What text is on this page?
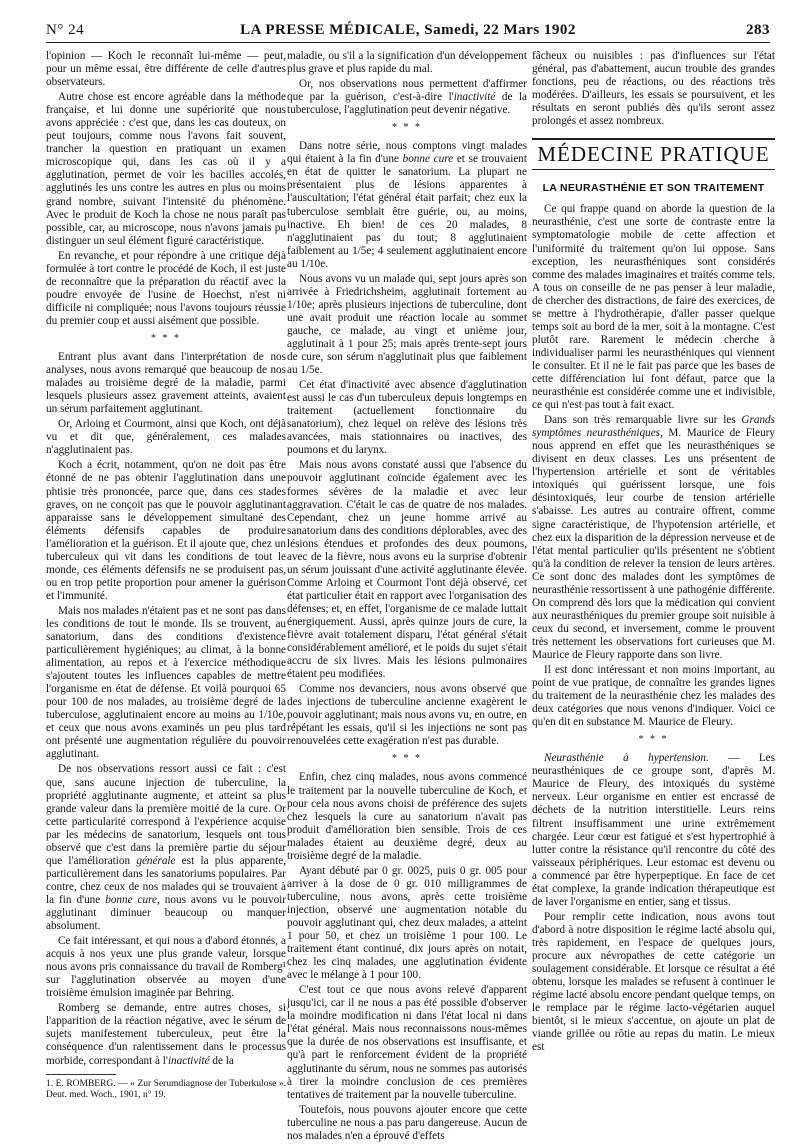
N° 24	LA PRESSE MÉDICALE, Samedi, 22 Mars 1902	283

l'opinion — Koch le reconnaît lui-même — peut, pour un même essai, être différente de celle d'autres observateurs.

Autre chose est encore agréable dans la méthode française, et lui donne une supériorité que nous avons appréciée : c'est que, dans les cas douteux, on peut toujours, comme nous l'avons fait souvent, trancher la question en pratiquant un examen microscopique qui, dans les cas où il y a agglutination, permet de voir les bacilles accolés, agglutinés les uns contre les autres en plus ou moins grand nombre, suivant l'intensité du phénomène. Avec le produit de Koch la chose ne nous paraît pas possible, car, au microscope, nous n'avons jamais pu distinguer un seul élément figuré caractéristique.

En revanche, et pour répondre à une critique déjà formulée à tort contre le procédé de Koch, il est juste de reconnaître que la préparation du réactif avec la poudre envoyée de l'usine de Hoechst, n'est ni difficile ni compliquée; nous l'avons toujours réussie du premier coup et aussi aisément que possible.

* * *

Entrant plus avant dans l'interprétation de nos analyses, nous avons remarqué que beaucoup de nos malades au troisième degré de la maladie, parmi lesquels plusieurs assez gravement atteints, avaient un sérum parfaitement agglutinant.

Or, Arloing et Courmont, ainsi que Koch, ont déjà vu et dit que, généralement, ces malades n'agglutinaient pas.

Koch a écrit, notamment, qu'on ne doit pas être étonné de ne pas obtenir l'agglutination dans une phtisie très prononcée, parce que, dans ces stades graves, on ne conçoit pas que le pouvoir agglutinant apparaisse sans le développement simultané des éléments défensifs capables de produire l'amélioration et la guérison. Et il ajoute que, chez un tuberculeux qui vit dans les conditions de tout le monde, ces éléments défensifs ne se produisent pas, ou en trop petite proportion pour amener la guérison et l'immunité.

Mais nos malades n'étaient pas et ne sont pas dans les conditions de tout le monde. Ils se trouvent, au sanatorium, dans des conditions d'existence particulièrement hygiéniques; au climat, à la bonne alimentation, au repos et à l'exercice méthodique s'ajoutent toutes les influences capables de mettre l'organisme en état de défense. Et voilà pourquoi 65 pour 100 de nos malades, au troisième degré de la tuberculose, agglutinaient encore au moins au 1/10e, et ceux que nous avons examinés un peu plus tard ont présenté une augmentation régulière du pouvoir agglutinant.

De nos observations ressort aussi ce fait : c'est que, sans aucune injection de tuberculine, la propriété agglutinante augmente, et atteint sa plus grande valeur dans la première moitié de la cure. Or cette particularité correspond à l'expérience acquise par les médecins de sanatorium, lesquels ont tous observé que c'est dans la première partie du séjour que l'amélioration générale est la plus apparente, particulièrement dans les sanatoriums populaires. Par contre, chez ceux de nos malades qui se trouvaient à la fin d'une bonne cure, nous avons vu le pouvoir agglutinant diminuer beaucoup ou manquer absolument.

Ce fait intéressant, et qui nous a d'abord étonnés, a acquis à nos yeux une plus grande valeur, lorsque nous avons pris connaissance du travail de Romberg¹ sur l'agglutination observée au moyen d'une troisième émulsion imaginée par Behring.

Romberg se demande, entre autres choses, si l'apparition de la réaction négative, avec le sérum de sujets manifestement tuberculeux, peut être la conséquence d'un ralentissement dans le processus morbide, correspondant à l'inactivité de la

1. E. ROMBERG. — « Zur Serumdiagnose der Tuberkulose ». Deut. med. Woch., 1901, n° 19.

maladie, ou s'il a la signification d'un développement plus grave et plus rapide du mal.

Or, nos observations nous permettent d'affirmer que par la guérison, c'est-à-dire l'inactivité de la tuberculose, l'agglutination peut devenir négative.

* * *

Dans notre série, nous comptons vingt malades qui étaient à la fin d'une bonne cure et se trouvaient en état de quitter le sanatorium. La plupart ne présentaient plus de lésions apparentes à l'auscultation; l'état général était parfait; chez eux la tuberculose semblait être guérie, ou, au moins, inactive. Eh bien! de ces 20 malades, 8 n'agglutinaient pas du tout; 8 agglutinaient faiblement au 1/5e; 4 seulement agglutinaient encore au 1/10e.

Nous avons vu un malade qui, sept jours après son arrivée à Friedrichsheim, agglutinait fortement au 1/10e; après plusieurs injections de tuberculine, dont une avait produit une réaction locale au sommet gauche, ce malade, au vingt et unième jour, agglutinait à 1 pour 25; mais après trente-sept jours de cure, son sérum n'agglutinait plus que faiblement au 1/5e.

Cet état d'inactivité avec absence d'agglutination est aussi le cas d'un tuberculeux depuis longtemps en traitement (actuellement fonctionnaire du sanatorium), chez lequel on relève des lésions très avancées, mais stationnaires ou inactives, des poumons et du larynx.

Mais nous avons constaté aussi que l'absence du pouvoir agglutinant coïncide également avec les formes sévères de la maladie et avec leur aggravation. C'était le cas de quatre de nos malades. Cependant, chez un jeune homme arrivé au sanatorium dans des conditions déplorables, avec des lésions étendues et profondes des deux poumons, avec de la fièvre, nous avons eu la surprise d'obtenir un sérum jouissant d'une activité agglutinante élevée. Comme Arloing et Courmont l'ont déjà observé, cet état particulier était en rapport avec l'organisation des défenses; et, en effet, l'organisme de ce malade luttait énergiquement. Aussi, après quinze jours de cure, la fièvre avait totalement disparu, l'état général s'était considérablement amélioré, et le poids du sujet s'était accru de six livres. Mais les lésions pulmonaires étaient peu modifiées.

Comme nos devanciers, nous avons observé que des injections de tuberculine ancienne exagèrent le pouvoir agglutinant; mais nous avons vu, en outre, en répétant les essais, qu'il si les injections ne sont pas renouvelées cette exagération n'est pas durable.

* * *

Enfin, chez cinq malades, nous avons commencé le traitement par la nouvelle tuberculine de Koch, et pour cela nous avons choisi de préférence des sujets chez lesquels la cure au sanatorium n'avait pas produit d'amélioration bien sensible. Trois de ces malades étaient au deuxième degré, deux au troisième degré de la maladie.

Ayant débuté par 0 gr. 0025, puis 0 gr. 005 pour arriver à la dose de 0 gr. 010 milligrammes de tuberculine, nous avons, après cette troisième injection, observé une augmentation notable du pouvoir agglutinant qui, chez deux malades, a atteint 1 pour 50, et chez un troisième 1 pour 100. Le traitement étant continué, dix jours après on notait, chez les cinq malades, une agglutination évidente avec le mélange à 1 pour 100.

C'est tout ce que nous avons relevé d'apparent jusqu'ici, car il ne nous a pas été possible d'observer la moindre modification ni dans l'état local ni dans l'état général. Mais nous reconnaissons nous-mêmes que la durée de nos observations est insuffisante, et qu'à part le renforcement évident de la propriété agglutinante du sérum, nous ne sommes pas autorisés à tirer la moindre conclusion de ces premières tentatives de traitement par la nouvelle tuberculine.

Toutefois, nous pouvons ajouter encore que cette tuberculine ne nous a pas paru dangereuse. Aucun de nos malades n'en a éprouvé d'effets

fâcheux ou nuisibles : pas d'influences sur l'état général, pas d'abattement, aucun trouble des grandes fonctions, peu de réactions, ou des réactions très modérées. D'ailleurs, les essais se poursuivent, et les résultats en seront publiés dès qu'ils seront assez prolongés et assez nombreux.

MÉDECINE PRATIQUE
LA NEURASTHÉNIE ET SON TRAITEMENT

Ce qui frappe quand on aborde la question de la neurasthénie, c'est une sorte de contraste entre la symptomatologie mobile de cette affection et l'uniformité du traitement qu'on lui oppose. Sans exception, les neurasthéniques sont considérés comme des malades imaginaires et traités comme tels. A tous on conseille de ne pas penser à leur maladie, de chercher des distractions, de faire des exercices, de se mettre à l'hydrothérapie, d'aller passer quelque temps soit au bord de la mer, soit à la montagne. C'est plutôt rare. Rarement le médecin cherche à individualiser parmi les neurasthéniques qui viennent le consulter. Et il ne le fait pas parce que les bases de cette différenciation lui font défaut, parce que la neurasthénie est considérée comme une et indivisible, ce qui n'est pas tout à fait exact.

Dans son très remarquable livre sur les Grands symptômes neurasthéniques, M. Maurice de Fleury nous apprend en effet que les neurasthéniques se divisent en deux classes. Les uns présentent de l'hypertension artérielle et sont de véritables intoxiqués qui guérissent lorsque, une fois désintoxiqués, leur courbe de tension artérielle s'abaisse. Les autres au contraire offrent, comme signe caractéristique, de l'hypotension artérielle, et chez eux la disparition de la dépression nerveuse et de l'état mental particulier qu'ils présentent ne s'obtient qu'à la condition de relever la tension de leurs artères. Ce sont donc des malades dont les symptômes de neurasthénie ressortissent à une pathogénie différente. On comprend dès lors que la médication qui convient aux neurasthéniques du premier groupe soit nuisible à ceux du second, et inversement, comme le prouvent très nettement les observations fort curieuses que M. Maurice de Fleury rapporte dans son livre.

Il est donc intéressant et non moins important, au point de vue pratique, de connaître les grandes lignes du traitement de la neurasthénie chez les malades des deux catégories que nous venons d'indiquer. Voici ce qu'en dit en substance M. Maurice de Fleury.

* * *

Neurasthénie à hypertension. — Les neurasthéniques de ce groupe sont, d'après M. Maurice de Fleury, des intoxiqués du système nerveux. Leur organisme en entier est encrassé de déchets de la nutrition interstitielle. Leurs reins filtrent insuffisamment une urine extrêmement chargée. Leur cœur est fatigué et s'est hypertrophié à lutter contre la résistance qu'il rencontre du côté des vaisseaux périphériques. Leur estomac est devenu ou a commencé par être hyperpeptique. En face de cet état complexe, la grande indication thérapeutique est de laver l'organisme en entier, sang et tissus.

Pour remplir cette indication, nous avons tout d'abord à notre disposition le régime lacté absolu qui, très rapidement, en l'espace de quelques jours, procure aux névropathes de cette catégorie un soulagement considérable. Et lorsque ce résultat a été obtenu, lorsque les malades se refusent à continuer le régime lacté absolu encore pendant quelque temps, on le remplace par le régime lacto-végétarien auquel bientôt, si le mieux s'accentue, on ajoute un plat de viande grillée ou rôtie au repas du matin. Le mieux est
